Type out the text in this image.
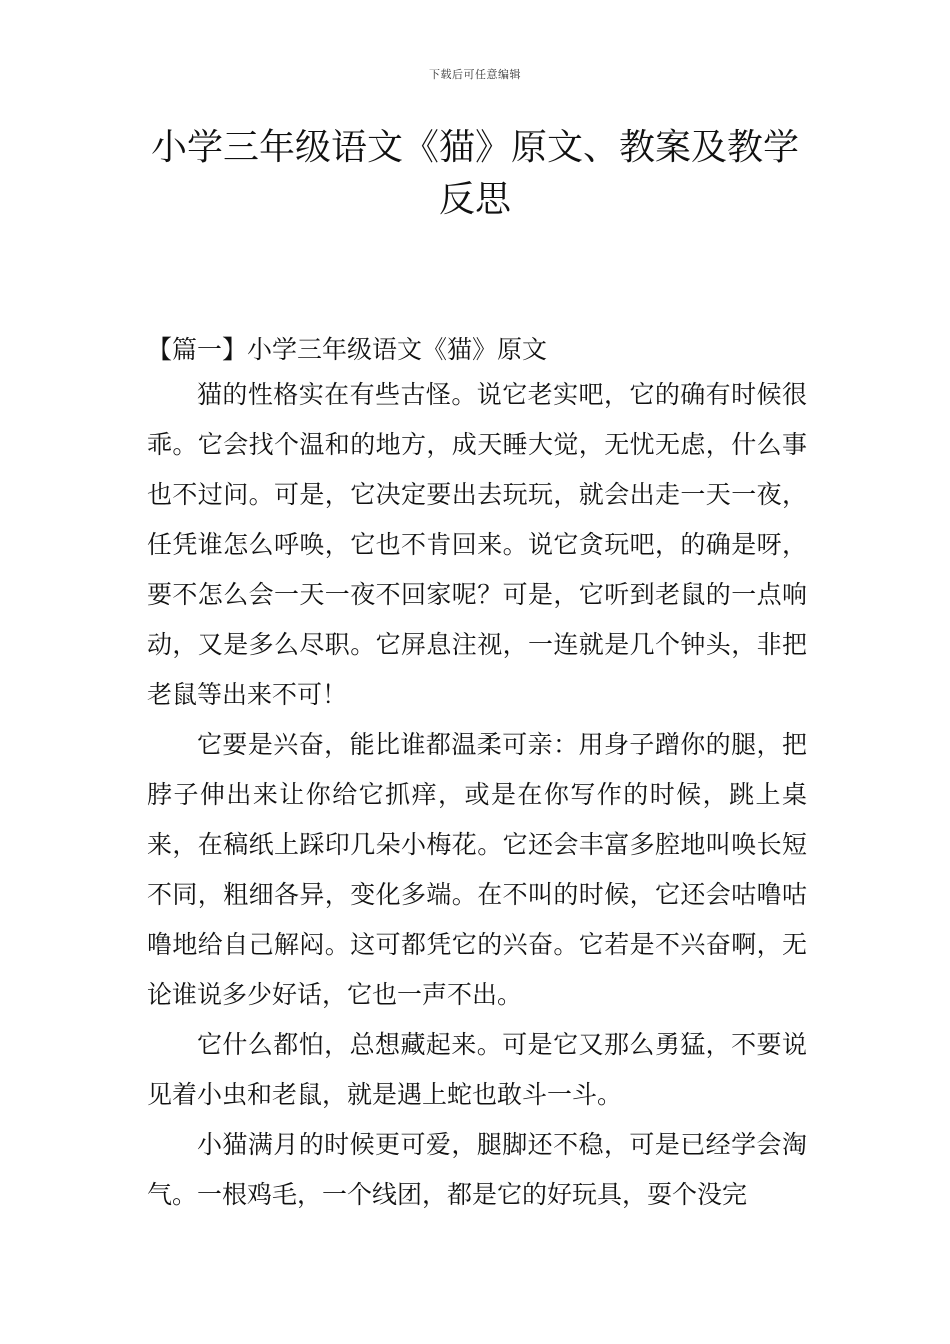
下载后可任意编辑
小学三年级语文《猫》原文、教案及教学反思

【篇一】小学三年级语文《猫》原文

猫的性格实在有些古怪。说它老实吧，它的确有时候很乖。它会找个温和的地方，成天睡大觉，无忧无虑，什么事也不过问。可是，它决定要出去玩玩，就会出走一天一夜，任凭谁怎么呼唤，它也不肯回来。说它贪玩吧，的确是呀，要不怎么会一天一夜不回家呢？可是，它听到老鼠的一点响动，又是多么尽职。它屏息注视，一连就是几个钟头，非把老鼠等出来不可！

它要是兴奋，能比谁都温柔可亲：用身子蹭你的腿，把脖子伸出来让你给它抓痒，或是在你写作的时候，跳上桌来，在稿纸上踩印几朵小梅花。它还会丰富多腔地叫唤长短不同，粗细各异，变化多端。在不叫的时候，它还会咕噜咕噜地给自己解闷。这可都凭它的兴奋。它若是不兴奋啊，无论谁说多少好话，它也一声不出。

它什么都怕，总想藏起来。可是它又那么勇猛，不要说见着小虫和老鼠，就是遇上蛇也敢斗一斗。

小猫满月的时候更可爱，腿脚还不稳，可是已经学会淘气。一根鸡毛，一个线团，都是它的好玩具，耍个没完
